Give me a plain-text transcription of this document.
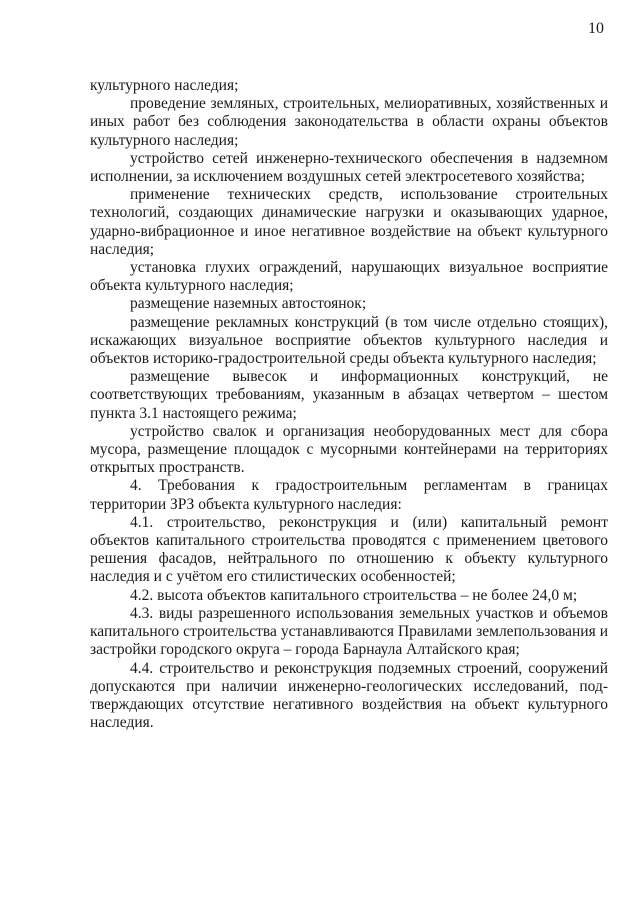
10

культурного наследия;

проведение земляных, строительных, мелиоративных, хозяйственных и иных работ без соблюдения законодательства в области охраны объектов культурного наследия;

устройство сетей инженерно-технического обеспечения в надземном исполнении, за исключением воздушных сетей электросетевого хозяйства;

применение технических средств, использование строительных технологий, создающих динамические нагрузки и оказывающих ударное, ударно-вибрационное и иное негативное воздействие на объект культурного наследия;

установка глухих ограждений, нарушающих визуальное восприятие объекта культурного наследия;

размещение наземных автостоянок;

размещение рекламных конструкций (в том числе отдельно стоящих), искажающих визуальное восприятие объектов культурного наследия и объектов историко-градостроительной среды объекта культурного наследия;

размещение вывесок и информационных конструкций, не соответствующих требованиям, указанным в абзацах четвертом – шестом пункта 3.1 настоящего режима;

устройство свалок и организация необорудованных мест для сбора мусора, размещение площадок с мусорными контейнерами на территориях открытых пространств.

4. Требования к градостроительным регламентам в границах территории ЗРЗ объекта культурного наследия:

4.1. строительство, реконструкция и (или) капитальный ремонт объектов капитального строительства проводятся с применением цветового решения фасадов, нейтрального по отношению к объекту культурного наследия и с учётом его стилистических особенностей;

4.2. высота объектов капитального строительства – не более 24,0 м;

4.3. виды разрешенного использования земельных участков и объемов капитального строительства устанавливаются Правилами землепользования и застройки городского округа – города Барнаула Алтайского края;

4.4. строительство и реконструкция подземных строений, сооружений допускаются при наличии инженерно-геологических исследований, подтверждающих отсутствие негативного воздействия на объект культурного наследия.
